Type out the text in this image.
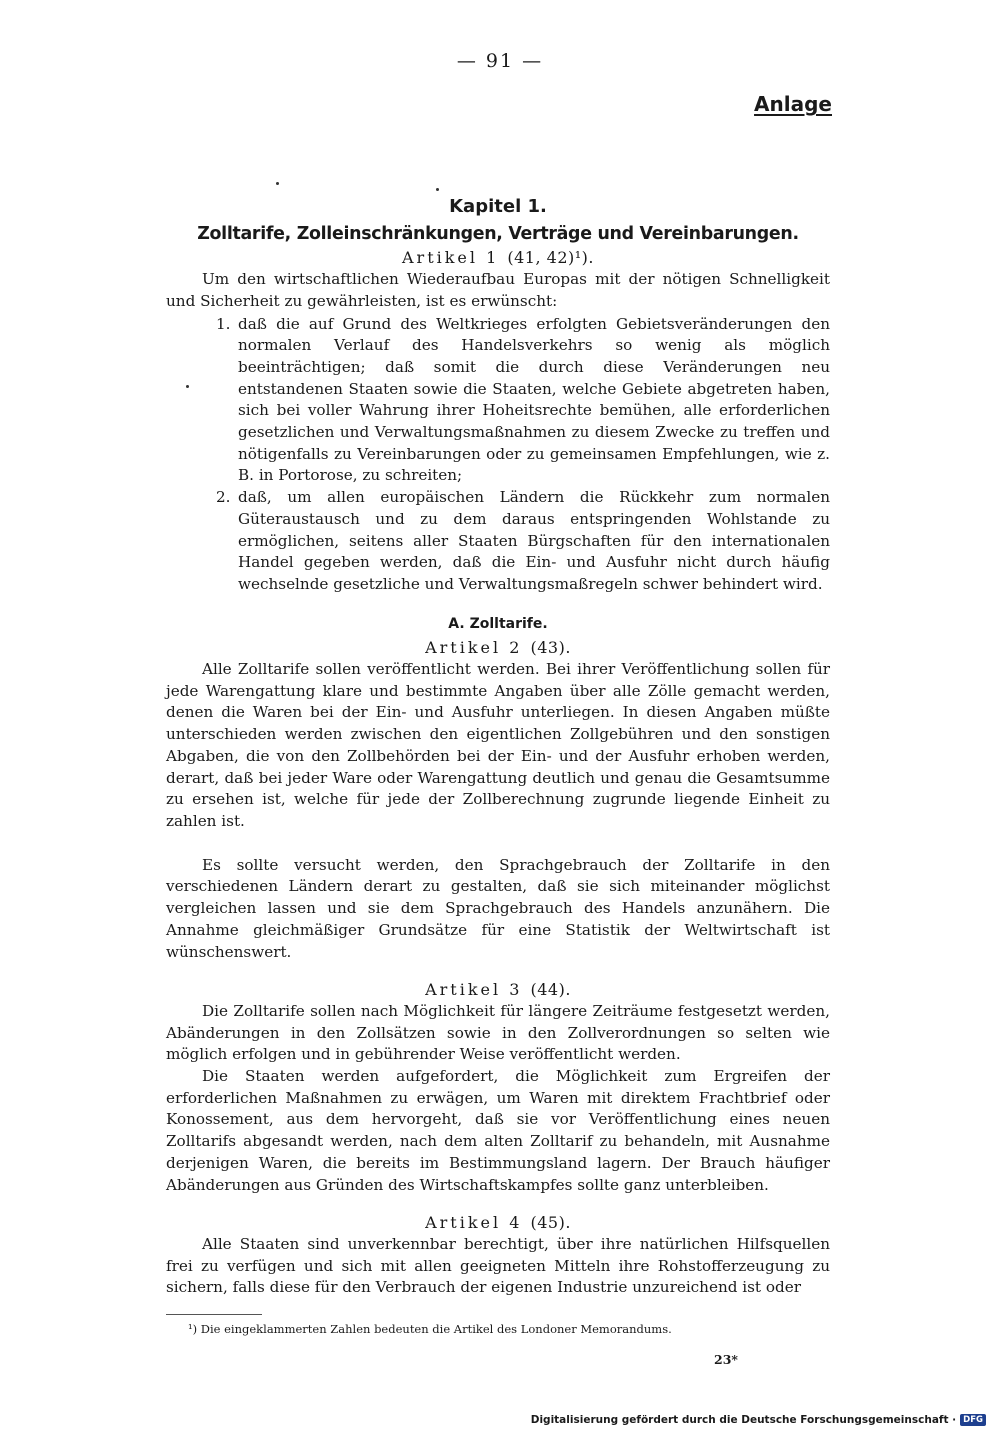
— 91 —
Anlage
Kapitel 1.
Zolltarife, Zolleinschränkungen, Verträge und Vereinbarungen.
Artikel 1 (41, 42)¹).

Um den wirtschaftlichen Wiederaufbau Europas mit der nötigen Schnelligkeit und Sicherheit zu gewährleisten, ist es erwünscht:

1. daß die auf Grund des Weltkrieges erfolgten Gebietsveränderungen den normalen Verlauf des Handelsverkehrs so wenig als möglich beeinträchtigen; daß somit die durch diese Veränderungen neu entstandenen Staaten sowie die Staaten, welche Gebiete abgetreten haben, sich bei voller Wahrung ihrer Hoheitsrechte bemühen, alle erforderlichen gesetzlichen und Verwaltungsmaßnahmen zu diesem Zwecke zu treffen und nötigenfalls zu Vereinbarungen oder zu gemeinsamen Empfehlungen, wie z. B. in Portorose, zu schreiten;
2. daß, um allen europäischen Ländern die Rückkehr zum normalen Güteraustausch und zu dem daraus entspringenden Wohlstande zu ermöglichen, seitens aller Staaten Bürgschaften für den internationalen Handel gegeben werden, daß die Ein- und Ausfuhr nicht durch häufig wechselnde gesetzliche und Verwaltungsmaßregeln schwer behindert wird.
A. Zolltarife.
Artikel 2 (43).

Alle Zolltarife sollen veröffentlicht werden. Bei ihrer Veröffentlichung sollen für jede Warengattung klare und bestimmte Angaben über alle Zölle gemacht werden, denen die Waren bei der Ein- und Ausfuhr unterliegen. In diesen Angaben müßte unterschieden werden zwischen den eigentlichen Zollgebühren und den sonstigen Abgaben, die von den Zollbehörden bei der Ein- und der Ausfuhr erhoben werden, derart, daß bei jeder Ware oder Warengattung deutlich und genau die Gesamtsumme zu ersehen ist, welche für jede der Zollberechnung zugrunde liegende Einheit zu zahlen ist.

Es sollte versucht werden, den Sprachgebrauch der Zolltarife in den verschiedenen Ländern derart zu gestalten, daß sie sich miteinander möglichst vergleichen lassen und sie dem Sprachgebrauch des Handels anzunähern. Die Annahme gleichmäßiger Grundsätze für eine Statistik der Weltwirtschaft ist wünschenswert.

Artikel 3 (44).

Die Zolltarife sollen nach Möglichkeit für längere Zeiträume festgesetzt werden, Abänderungen in den Zollsätzen sowie in den Zollverordnungen so selten wie möglich erfolgen und in gebührender Weise veröffentlicht werden.

Die Staaten werden aufgefordert, die Möglichkeit zum Ergreifen der erforderlichen Maßnahmen zu erwägen, um Waren mit direktem Frachtbrief oder Konossement, aus dem hervorgeht, daß sie vor Veröffentlichung eines neuen Zolltarifs abgesandt werden, nach dem alten Zolltarif zu behandeln, mit Ausnahme derjenigen Waren, die bereits im Bestimmungsland lagern. Der Brauch häufiger Abänderungen aus Gründen des Wirtschaftskampfes sollte ganz unterbleiben.

Artikel 4 (45).

Alle Staaten sind unverkennbar berechtigt, über ihre natürlichen Hilfsquellen frei zu verfügen und sich mit allen geeigneten Mitteln ihre Rohstofferzeugung zu sichern, falls diese für den Verbrauch der eigenen Industrie unzureichend ist oder

¹) Die eingeklammerten Zahlen bedeuten die Artikel des Londoner Memorandums.
23*
Digitalisierung gefördert durch die Deutsche Forschungsgemeinschaft · DFG
